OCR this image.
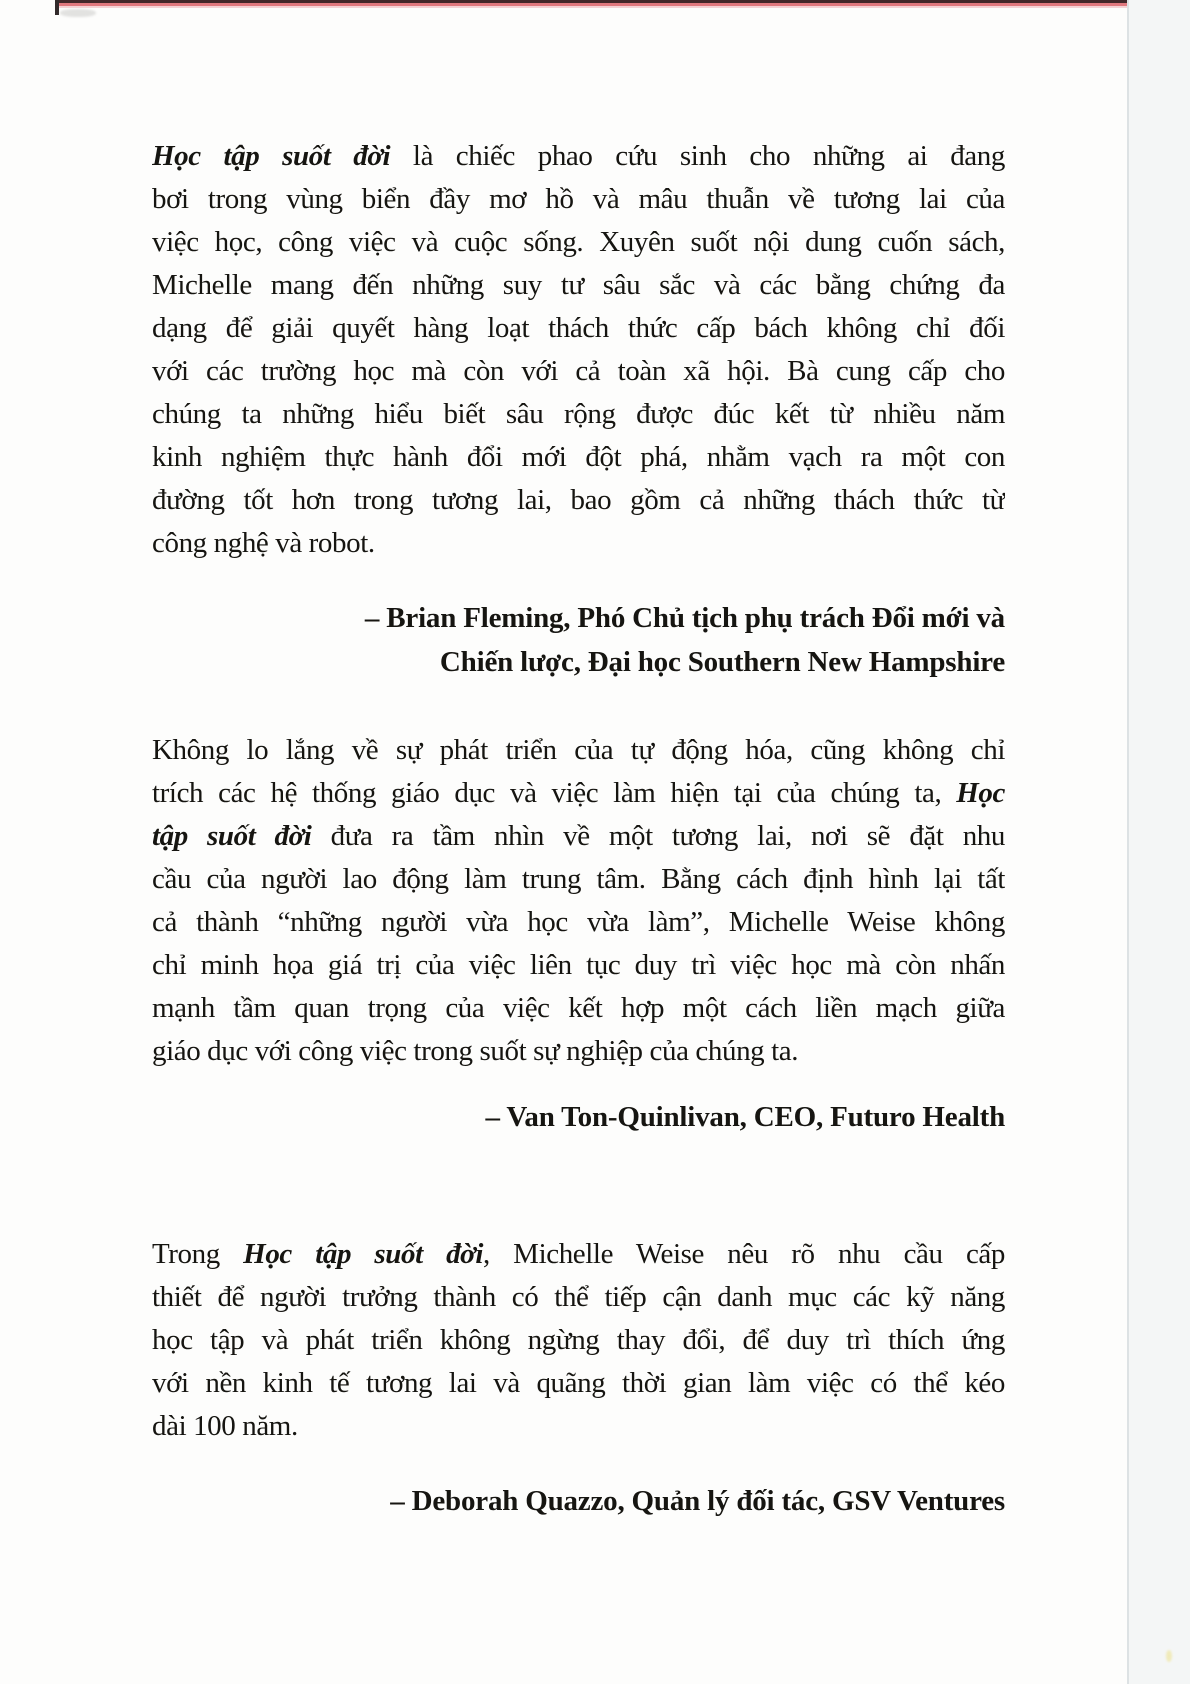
Học tập suốt đời là chiếc phao cứu sinh cho những ai đang
bơi trong vùng biển đầy mơ hồ và mâu thuẫn về tương lai của
việc học, công việc và cuộc sống. Xuyên suốt nội dung cuốn sách,
Michelle mang đến những suy tư sâu sắc và các bằng chứng đa
dạng để giải quyết hàng loạt thách thức cấp bách không chỉ đối
với các trường học mà còn với cả toàn xã hội. Bà cung cấp cho
chúng ta những hiểu biết sâu rộng được đúc kết từ nhiều năm
kinh nghiệm thực hành đổi mới đột phá, nhằm vạch ra một con
đường tốt hơn trong tương lai, bao gồm cả những thách thức từ
công nghệ và robot.
– Brian Fleming, Phó Chủ tịch phụ trách Đổi mới và
Chiến lược, Đại học Southern New Hampshire
Không lo lắng về sự phát triển của tự động hóa, cũng không chỉ
trích các hệ thống giáo dục và việc làm hiện tại của chúng ta, Học
tập suốt đời đưa ra tầm nhìn về một tương lai, nơi sẽ đặt nhu
cầu của người lao động làm trung tâm. Bằng cách định hình lại tất
cả thành “những người vừa học vừa làm”, Michelle Weise không
chỉ minh họa giá trị của việc liên tục duy trì việc học mà còn nhấn
mạnh tầm quan trọng của việc kết hợp một cách liền mạch giữa
giáo dục với công việc trong suốt sự nghiệp của chúng ta.
– Van Ton-Quinlivan, CEO, Futuro Health
Trong Học tập suốt đời, Michelle Weise nêu rõ nhu cầu cấp
thiết để người trưởng thành có thể tiếp cận danh mục các kỹ năng
học tập và phát triển không ngừng thay đổi, để duy trì thích ứng
với nền kinh tế tương lai và quãng thời gian làm việc có thể kéo
dài 100 năm.
– Deborah Quazzo, Quản lý đối tác, GSV Ventures
